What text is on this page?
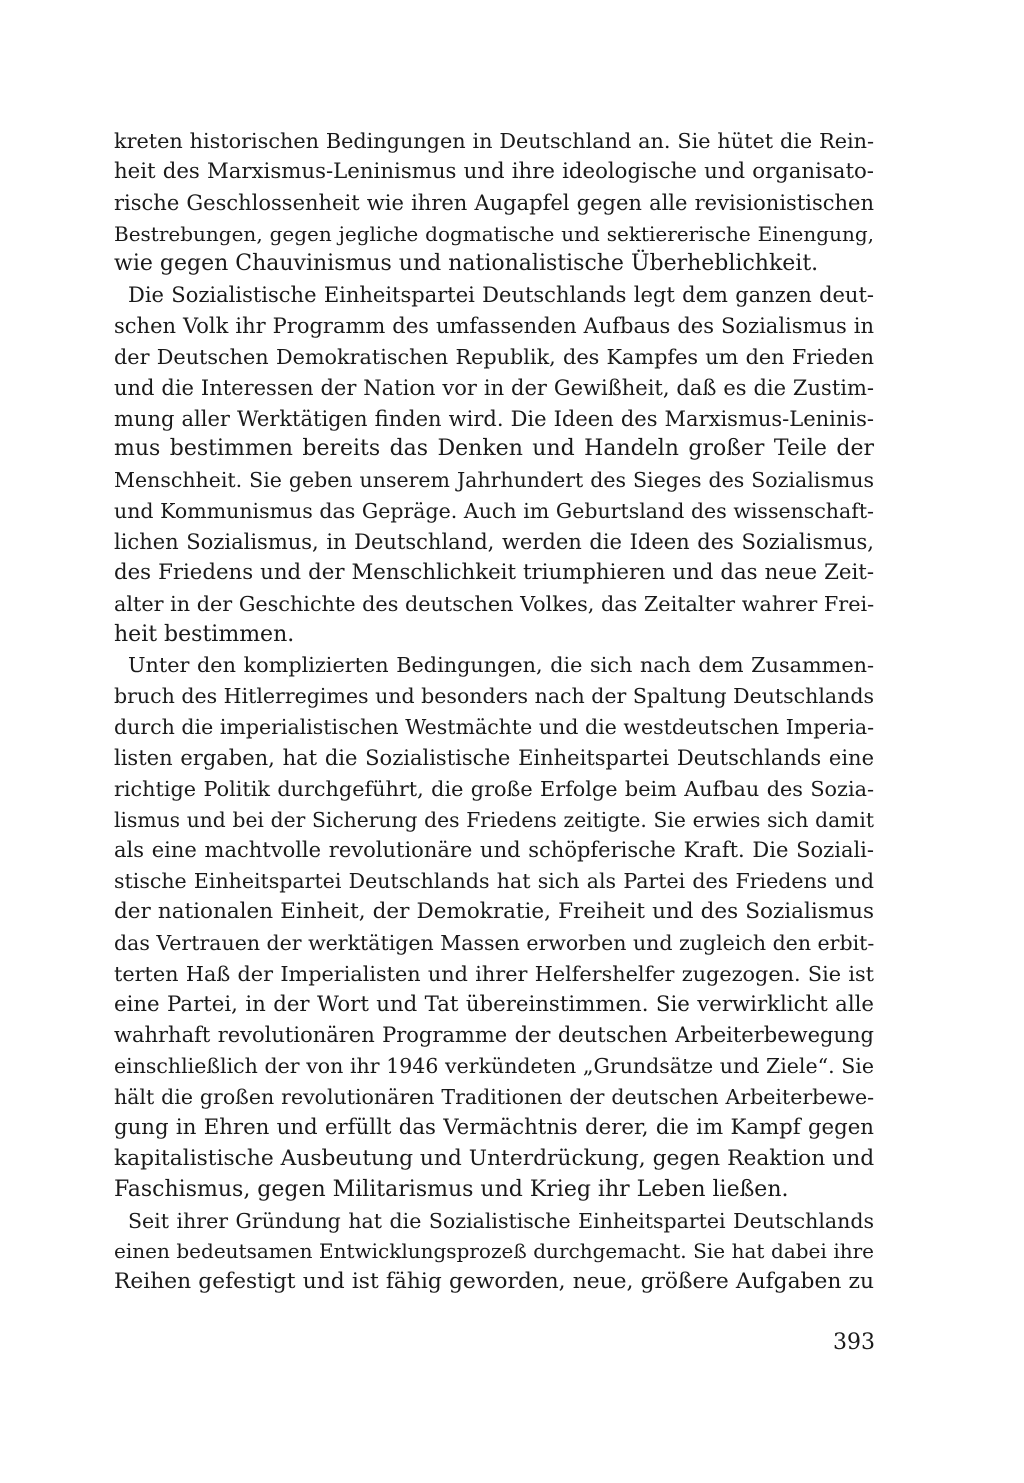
kreten historischen Bedingungen in Deutschland an. Sie hütet die Rein-
heit des Marxismus-Leninismus und ihre ideologische und organisato-
rische Geschlossenheit wie ihren Augapfel gegen alle revisionistischen
Bestrebungen, gegen jegliche dogmatische und sektiererische Einengung,
wie gegen Chauvinismus und nationalistische Überheblichkeit.
Die Sozialistische Einheitspartei Deutschlands legt dem ganzen deut-
schen Volk ihr Programm des umfassenden Aufbaus des Sozialismus in
der Deutschen Demokratischen Republik, des Kampfes um den Frieden
und die Interessen der Nation vor in der Gewißheit, daß es die Zustim-
mung aller Werktätigen finden wird. Die Ideen des Marxismus-Leninis-
mus bestimmen bereits das Denken und Handeln großer Teile der
Menschheit. Sie geben unserem Jahrhundert des Sieges des Sozialismus
und Kommunismus das Gepräge. Auch im Geburtsland des wissenschaft-
lichen Sozialismus, in Deutschland, werden die Ideen des Sozialismus,
des Friedens und der Menschlichkeit triumphieren und das neue Zeit-
alter in der Geschichte des deutschen Volkes, das Zeitalter wahrer Frei-
heit bestimmen.
Unter den komplizierten Bedingungen, die sich nach dem Zusammen-
bruch des Hitlerregimes und besonders nach der Spaltung Deutschlands
durch die imperialistischen Westmächte und die westdeutschen Imperia-
listen ergaben, hat die Sozialistische Einheitspartei Deutschlands eine
richtige Politik durchgeführt, die große Erfolge beim Aufbau des Sozia-
lismus und bei der Sicherung des Friedens zeitigte. Sie erwies sich damit
als eine machtvolle revolutionäre und schöpferische Kraft. Die Soziali-
stische Einheitspartei Deutschlands hat sich als Partei des Friedens und
der nationalen Einheit, der Demokratie, Freiheit und des Sozialismus
das Vertrauen der werktätigen Massen erworben und zugleich den erbit-
terten Haß der Imperialisten und ihrer Helfershelfer zugezogen. Sie ist
eine Partei, in der Wort und Tat übereinstimmen. Sie verwirklicht alle
wahrhaft revolutionären Programme der deutschen Arbeiterbewegung
einschließlich der von ihr 1946 verkündeten „Grundsätze und Ziele“. Sie
hält die großen revolutionären Traditionen der deutschen Arbeiterbewe-
gung in Ehren und erfüllt das Vermächtnis derer, die im Kampf gegen
kapitalistische Ausbeutung und Unterdrückung, gegen Reaktion und
Faschismus, gegen Militarismus und Krieg ihr Leben ließen.
Seit ihrer Gründung hat die Sozialistische Einheitspartei Deutschlands
einen bedeutsamen Entwicklungsprozeß durchgemacht. Sie hat dabei ihre
Reihen gefestigt und ist fähig geworden, neue, größere Aufgaben zu
393
